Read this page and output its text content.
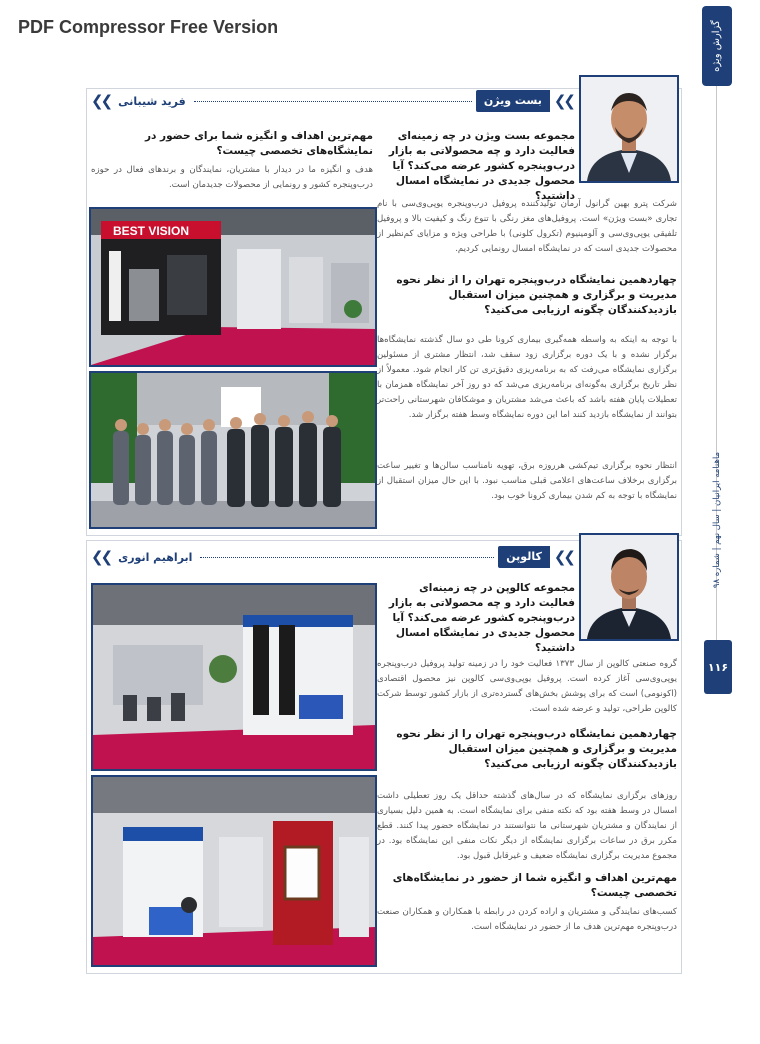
PDF Compressor Free Version	گزارش ویژه
ماهنامه ایرانیان | سال نهم | شماره ۹۸
۱۱۶
❯❯
بست ویژن
فرید شیبانی
❯❯
مجموعه بست ویژن در چه زمینه‌ای فعالیت دارد و چه محصولاتی به بازار درب‌وپنجره کشور عرضه می‌کند؟ آیا محصول جدیدی در نمایشگاه امسال داشتید؟
شرکت پترو بهین گرانول آرمان تولیدکننده پروفیل درب‌وپنجره یوپی‌وی‌سی با نام تجاری «بست ویژن» است. پروفیل‌های مغز رنگی با تنوع رنگ و کیفیت بالا و پروفیل تلفیقی یوپی‌وی‌سی و آلومینیوم (تکرول کلونی) با طراحی ویژه و مزایای کم‌نظیر از محصولات جدیدی است که در نمایشگاه امسال رونمایی کردیم.
چهاردهمین نمایشگاه درب‌وپنجره تهران را از نظر نحوه مدیریت و برگزاری و همچنین میزان استقبال بازدیدکنندگان چگونه ارزیابی می‌کنید؟
با توجه به اینکه به واسطه همه‌گیری بیماری کرونا طی دو سال گذشته نمایشگاه‌ها برگزار نشده و با یک دوره برگزاری زود سقف شد، انتظار مشتری از مسئولین برگزاری نمایشگاه می‌رفت که به برنامه‌ریزی دقیق‌تری تن کار انجام شود. معمولاً از نظر تاریخ برگزاری به‌گونه‌ای برنامه‌ریزی می‌شد که دو روز آخر نمایشگاه همزمان با تعطیلات پایان هفته باشد که باعث می‌شد مشتریان و موشکافان شهرستانی راحت‌تر بتوانند از نمایشگاه بازدید کنند اما این دوره نمایشگاه وسط هفته برگزار شد.
انتظار نحوه برگزاری تیم‌کشی هرروزه برق، تهویه نامناسب سالن‌ها و تغییر ساعت برگزاری برخلاف ساعت‌های اعلامی قبلی مناسب نبود. با این حال میزان استقبال از نمایشگاه با توجه به کم شدن بیماری کرونا خوب بود.
مهم‌ترین اهداف و انگیزه شما برای حضور در نمایشگاه‌های تخصصی چیست؟
هدف و انگیزه ما در دیدار با مشتریان، نمایندگان و برندهای فعال در حوزه درب‌وپنجره کشور و رونمایی از محصولات جدیدمان است.
BEST VISION
❯❯
کالوپن
ابراهیم انوری
❯❯
مجموعه کالوپن در چه زمینه‌ای فعالیت دارد و چه محصولاتی به بازار درب‌وپنجره کشور عرضه می‌کند؟ آیا محصول جدیدی در نمایشگاه امسال داشتید؟
گروه صنعتی کالوپن از سال ۱۳۷۳ فعالیت خود را در زمینه تولید پروفیل درب‌وپنجره یوپی‌وی‌سی آغاز کرده است. پروفیل یوپی‌وی‌سی کالوپن نیز محصول اقتصادی (اکونومی) است که برای پوشش بخش‌های گسترده‌تری از بازار کشور توسط شرکت کالوپن طراحی، تولید و عرضه شده است.
چهاردهمین نمایشگاه درب‌وپنجره تهران را از نظر نحوه مدیریت و برگزاری و همچنین میزان استقبال بازدیدکنندگان چگونه ارزیابی می‌کنید؟
روزهای برگزاری نمایشگاه که در سال‌های گذشته حداقل یک روز تعطیلی داشت امسال در وسط هفته بود که نکته منفی برای نمایشگاه است. به همین دلیل بسیاری از نمایندگان و مشتریان شهرستانی ما نتوانستند در نمایشگاه حضور پیدا کنند. قطع مکرر برق در ساعات برگزاری نمایشگاه از دیگر نکات منفی این نمایشگاه بود. در مجموع مدیریت برگزاری نمایشگاه ضعیف و غیرقابل قبول بود.
مهم‌ترین اهداف و انگیزه شما از حضور در نمایشگاه‌های تخصصی چیست؟
کسب‌های نمایندگی و مشتریان و اراده کردن در رابطه با همکاران و همکاران صنعت درب‌وپنجره مهم‌ترین هدف ما از حضور در نمایشگاه است.
